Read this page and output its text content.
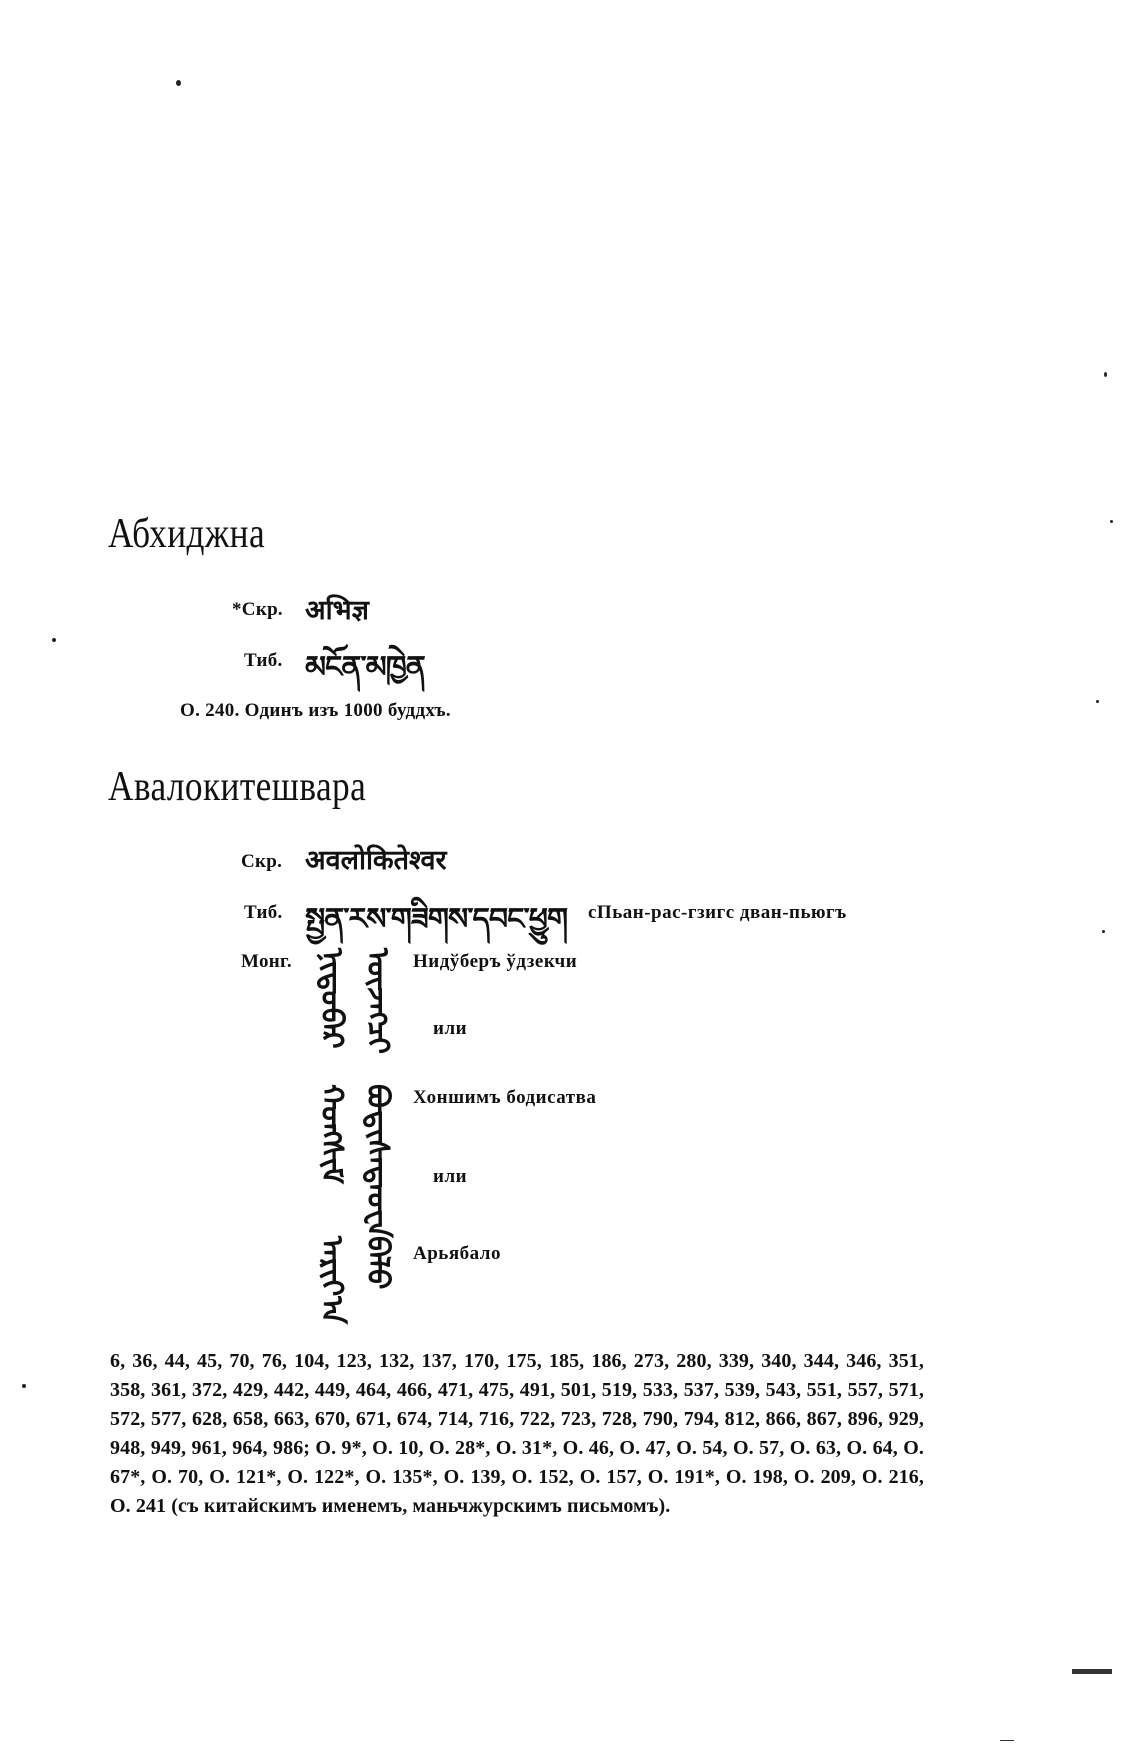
Абхиджна
*Скр. अभिज्ञ
Тиб. མངོན་མཁྱེན
О. 240. Одинъ изъ 1000 буддхъ.
Авалокитешвара
Скр. अवलोकितेश्वर
Тиб. སྤྱན་རས་གཟིགས་དབང་ཕྱུག сПьан-рас-гзигс дван-пьюгъ
Монг. ᠨᠢᠳᠦᠪᠡᠷ ᠦᠵᠡᠭᠴᠢ Нидўберъ ўдзекчи
или
ᠬᠣᠩᠰᠢᠮ ᠪᠣᠳᠢᠰᠠᠳᠣ᠋ᠸᠠ Хоншимъ бодисатва
или
ᠠᠷᠢᠶ᠎ᠠ ᠪᠠᠯᠣ Арьябало
6, 36, 44, 45, 70, 76, 104, 123, 132, 137, 170, 175, 185, 186, 273, 280, 339, 340, 344, 346, 351, 358, 361, 372, 429, 442, 449, 464, 466, 471, 475, 491, 501, 519, 533, 537, 539, 543, 551, 557, 571, 572, 577, 628, 658, 663, 670, 671, 674, 714, 716, 722, 723, 728, 790, 794, 812, 866, 867, 896, 929, 948, 949, 961, 964, 986; О. 9*, О. 10, О. 28*, О. 31*, О. 46, О. 47, О. 54, О. 57, О. 63, О. 64, О. 67*, О. 70, О. 121*, О. 122*, О. 135*, О. 139, О. 152, О. 157, О. 191*, О. 198, О. 209, О. 216, О. 241 (съ китайскимъ именемъ, маньчжурскимъ письмомъ).
